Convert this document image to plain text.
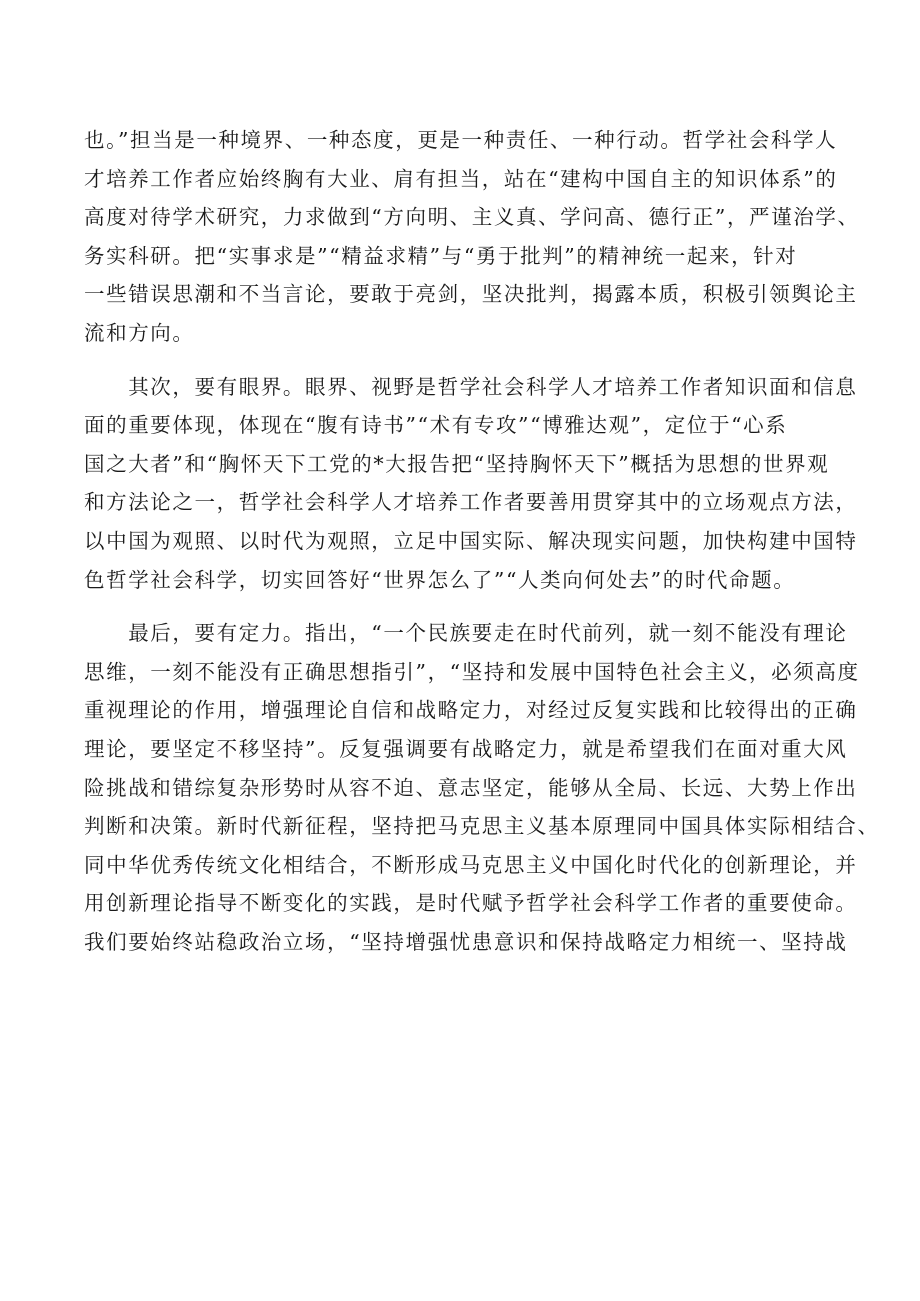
也。”担当是一种境界、一种态度，更是一种责任、一种行动。哲学社会科学人
才培养工作者应始终胸有大业、肩有担当，站在“建构中国自主的知识体系”的
高度对待学术研究，力求做到“方向明、主义真、学问高、德行正”，严谨治学、
务实科研。把“实事求是”“精益求精”与“勇于批判”的精神统一起来，针对
一些错误思潮和不当言论，要敢于亮剑，坚决批判，揭露本质，积极引领舆论主
流和方向。
　　其次，要有眼界。眼界、视野是哲学社会科学人才培养工作者知识面和信息
面的重要体现，体现在“腹有诗书”“术有专攻”“博雅达观”，定位于“心系
国之大者”和“胸怀天下工党的*大报告把“坚持胸怀天下”概括为思想的世界观
和方法论之一，哲学社会科学人才培养工作者要善用贯穿其中的立场观点方法，
以中国为观照、以时代为观照，立足中国实际、解决现实问题，加快构建中国特
色哲学社会科学，切实回答好“世界怎么了”“人类向何处去”的时代命题。
　　最后，要有定力。指出，“一个民族要走在时代前列，就一刻不能没有理论
思维，一刻不能没有正确思想指引”，“坚持和发展中国特色社会主义，必须高度
重视理论的作用，增强理论自信和战略定力，对经过反复实践和比较得出的正确
理论，要坚定不移坚持”。反复强调要有战略定力，就是希望我们在面对重大风
险挑战和错综复杂形势时从容不迫、意志坚定，能够从全局、长远、大势上作出
判断和决策。新时代新征程，坚持把马克思主义基本原理同中国具体实际相结合、
同中华优秀传统文化相结合，不断形成马克思主义中国化时代化的创新理论，并
用创新理论指导不断变化的实践，是时代赋予哲学社会科学工作者的重要使命。
我们要始终站稳政治立场，“坚持增强忧患意识和保持战略定力相统一、坚持战
